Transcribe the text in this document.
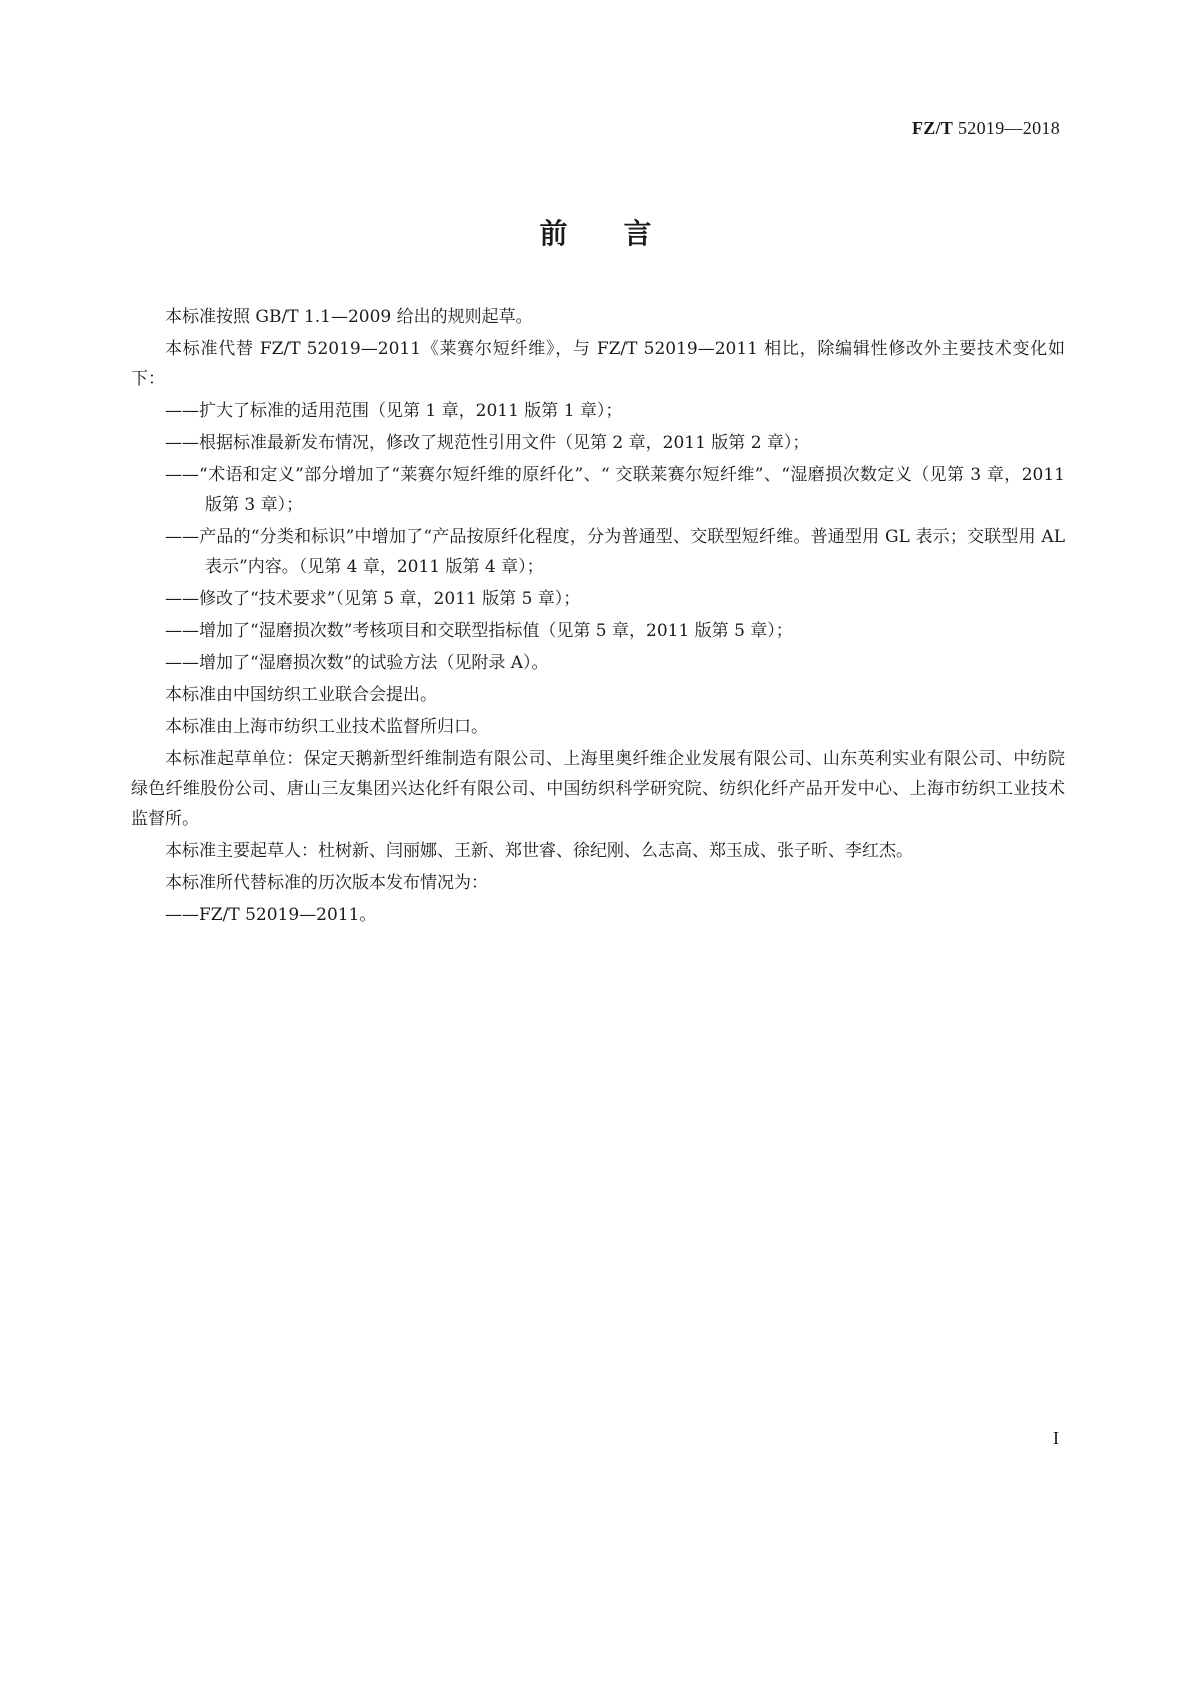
FZ/T 52019—2018
前言

本标准按照 GB/T 1.1—2009 给出的规则起草。

本标准代替 FZ/T 52019—2011《莱赛尔短纤维》，与 FZ/T 52019—2011 相比，除编辑性修改外主要技术变化如下：

——扩大了标准的适用范围（见第 1 章，2011 版第 1 章）；
——根据标准最新发布情况，修改了规范性引用文件（见第 2 章，2011 版第 2 章）；
——“术语和定义”部分增加了“莱赛尔短纤维的原纤化”、“ 交联莱赛尔短纤维”、“湿磨损次数定义（见第 3 章，2011 版第 3 章）；
——产品的“分类和标识”中增加了“产品按原纤化程度，分为普通型、交联型短纤维。普通型用 GL 表示；交联型用 AL 表示”内容。（见第 4 章，2011 版第 4 章）；
——修改了“技术要求”（见第 5 章，2011 版第 5 章）；
——增加了“湿磨损次数”考核项目和交联型指标值（见第 5 章，2011 版第 5 章）；
——增加了“湿磨损次数”的试验方法（见附录 A）。

本标准由中国纺织工业联合会提出。

本标准由上海市纺织工业技术监督所归口。

本标准起草单位：保定天鹅新型纤维制造有限公司、上海里奥纤维企业发展有限公司、山东英利实业有限公司、中纺院绿色纤维股份公司、唐山三友集团兴达化纤有限公司、中国纺织科学研究院、纺织化纤产品开发中心、上海市纺织工业技术监督所。

本标准主要起草人：杜树新、闫丽娜、王新、郑世睿、徐纪刚、么志高、郑玉成、张子昕、李红杰。

本标准所代替标准的历次版本发布情况为：

——FZ/T 52019—2011。
I
